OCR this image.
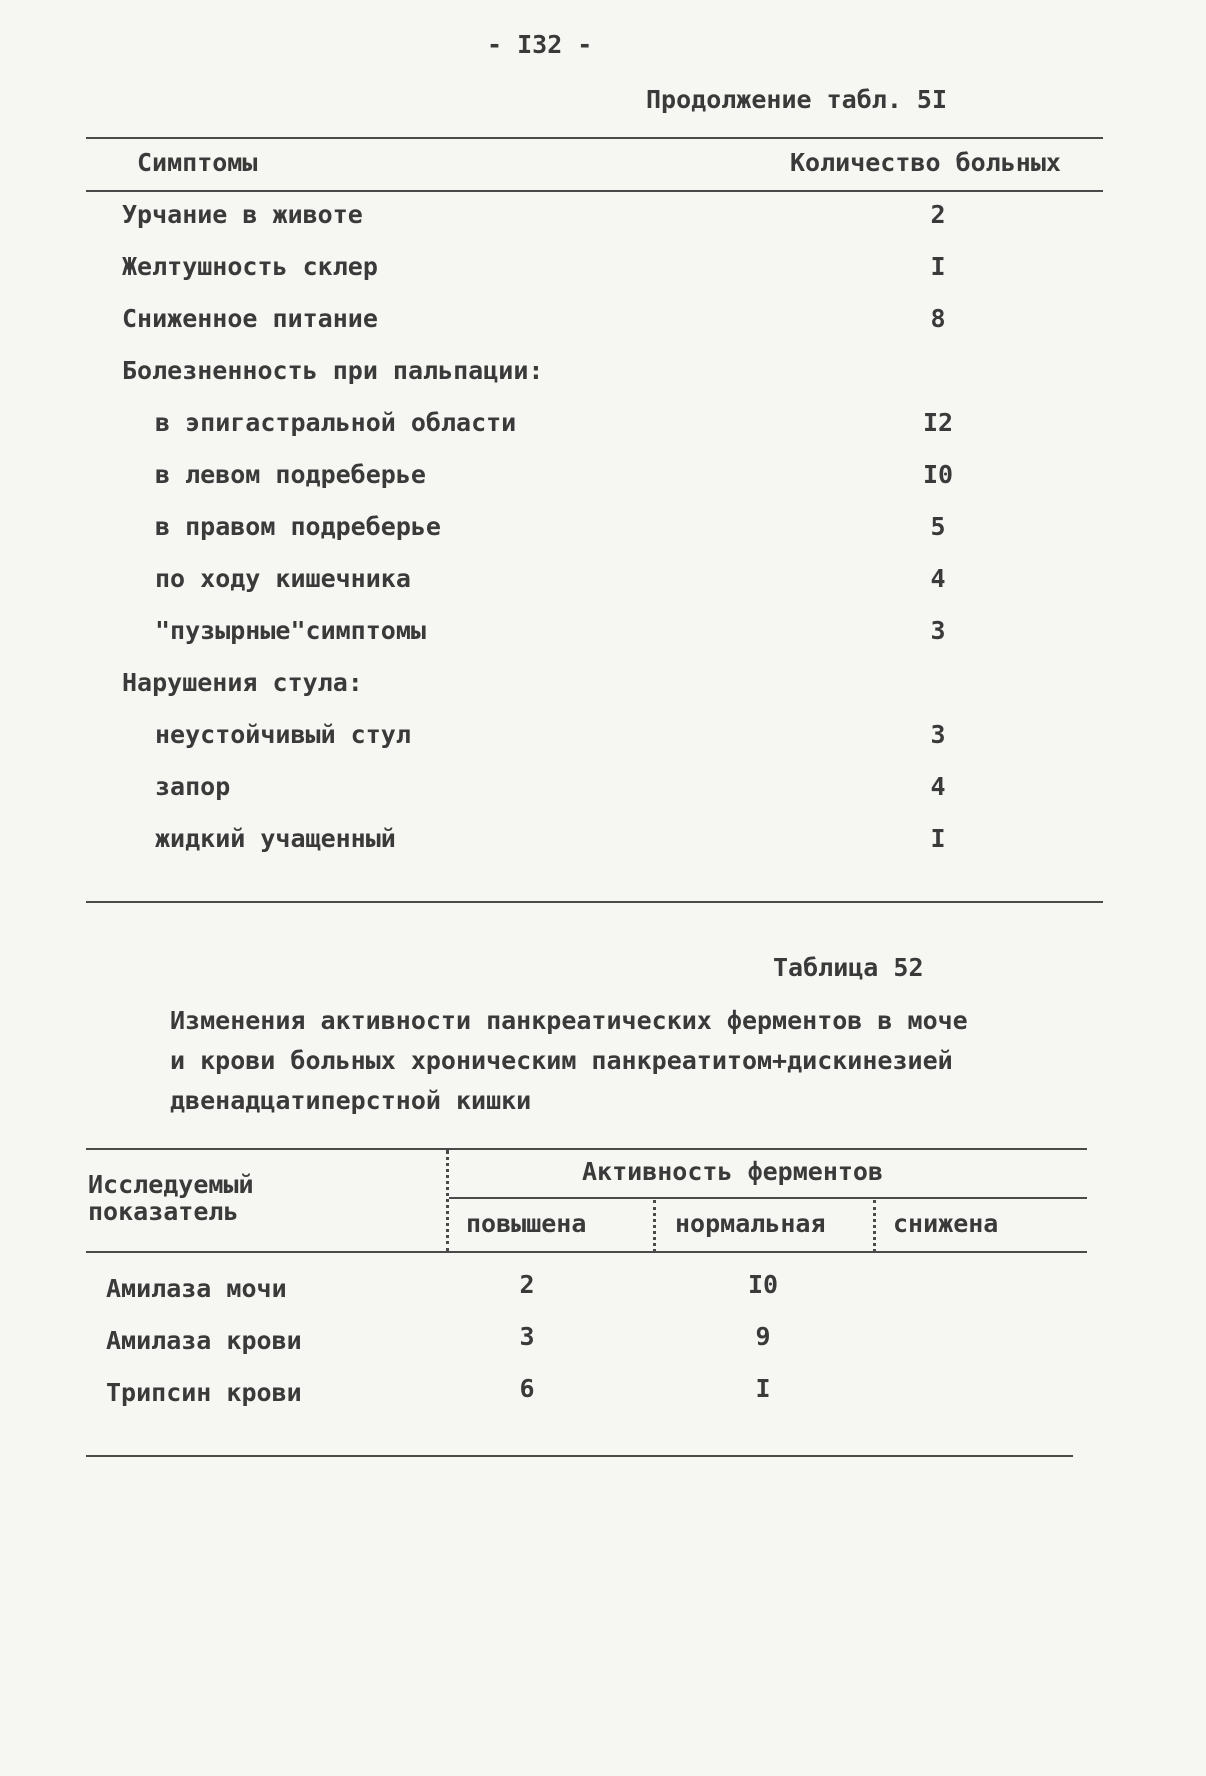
- I32 -
Продолжение табл. 5I
Симптомы	Количество больных
Урчание в животе	2
Желтушность склер	I
Сниженное питание	8
Болезненность при пальпации:
в эпигастральной области	I2
в левом подреберье	I0
в правом подреберье	5
по ходу кишечника	4
"пузырные"симптомы	3
Нарушения стула:
неустойчивый стул	3
запор	4
жидкий учащенный	I
Таблица 52
Изменения активности панкреатических ферментов в моче
и крови больных хроническим панкреатитом+дискинезией
двенадцатиперстной кишки
Исследуемый
показатель
Активность ферментов
повышена	нормальная	снижена
Амилаза мочи	2	I0
Амилаза крови	3	9
Трипсин крови	6	I
